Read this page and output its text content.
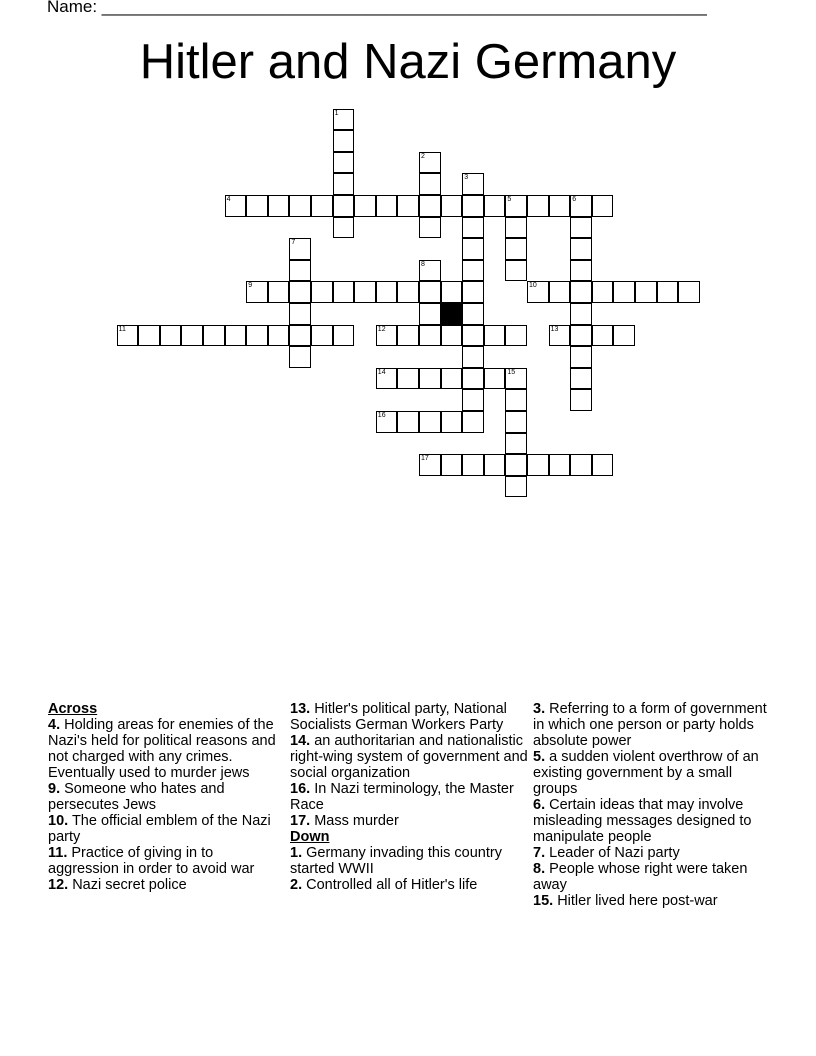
Name: ________________________________________________________________
Hitler and Nazi Germany
4	5	6
9	10
11	12	13
14	15
16
17
1
2
3
7
8
Across
4. Holding areas for enemies of the Nazi's held for political reasons and not charged with any crimes. Eventually used to murder jews
9. Someone who hates and persecutes Jews
10. The official emblem of the Nazi party
11. Practice of giving in to aggression in order to avoid war
12. Nazi secret police
13. Hitler's political party, National Socialists German Workers Party
14. an authoritarian and nationalistic right-wing system of government and social organization
16. In Nazi terminology, the Master Race
17. Mass murder
Down
1. Germany invading this country started WWII
2. Controlled all of Hitler's life
3. Referring to a form of government in which one person or party holds absolute power
5. a sudden violent overthrow of an existing government by a small groups
6. Certain ideas that may involve misleading messages designed to manipulate people
7. Leader of Nazi party
8. People whose right were taken away
15. Hitler lived here post-war
